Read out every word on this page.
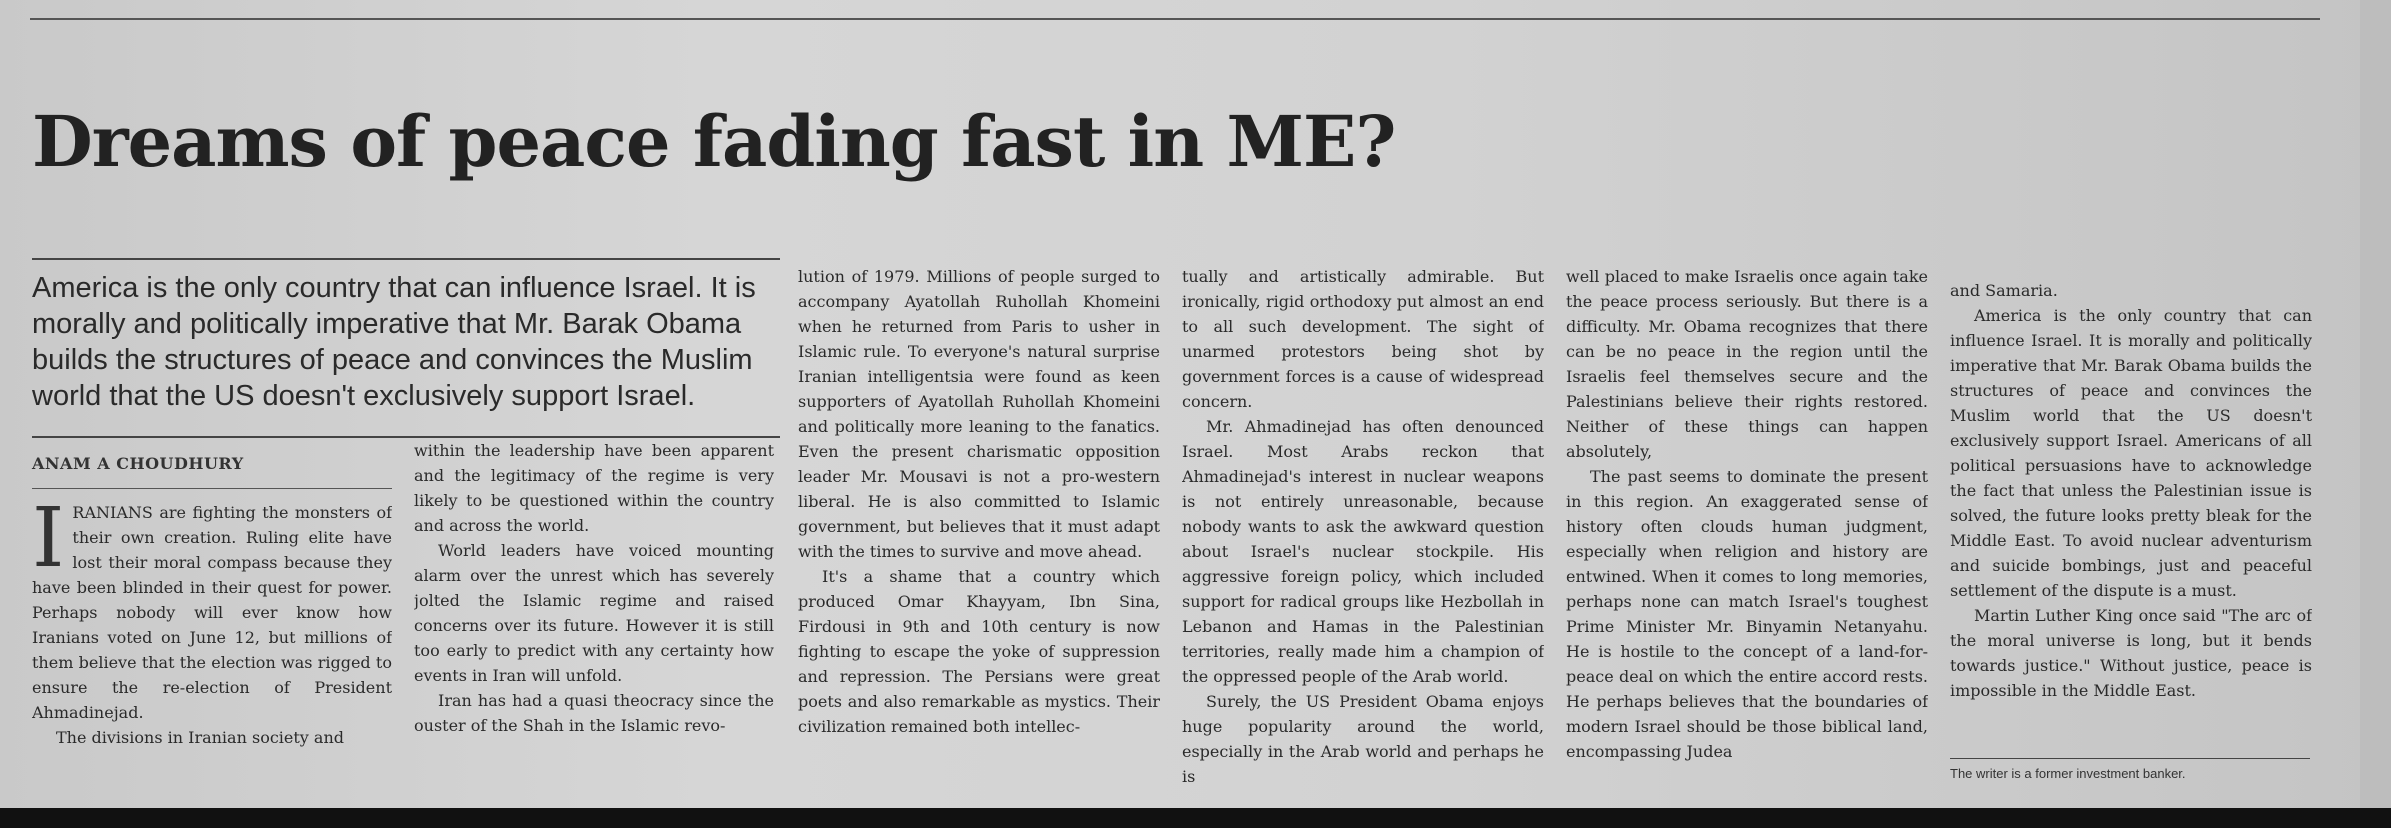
Dreams of peace fading fast in ME?

America is the only country that can influence Israel. It is morally and politically imperative that Mr. Barak Obama builds the structures of peace and convinces the Muslim world that the US doesn't exclusively support Israel.

ANAM A CHOUDHURY

I RANIANS are fighting the monsters of their own creation. Ruling elite have lost their moral compass because they have been blinded in their quest for power. Perhaps nobody will ever know how Iranians voted on June 12, but millions of them believe that the election was rigged to ensure the re-election of President Ahmadinejad.

The divisions in Iranian society and

within the leadership have been apparent and the legitimacy of the regime is very likely to be questioned within the country and across the world.

World leaders have voiced mounting alarm over the unrest which has severely jolted the Islamic regime and raised concerns over its future. However it is still too early to predict with any certainty how events in Iran will unfold.

Iran has had a quasi theocracy since the ouster of the Shah in the Islamic revo-

lution of 1979. Millions of people surged to accompany Ayatollah Ruhollah Khomeini when he returned from Paris to usher in Islamic rule. To everyone's natural surprise Iranian intelligentsia were found as keen supporters of Ayatollah Ruhollah Khomeini and politically more leaning to the fanatics. Even the present charismatic opposition leader Mr. Mousavi is not a pro-western liberal. He is also committed to Islamic government, but believes that it must adapt with the times to survive and move ahead.

It's a shame that a country which produced Omar Khayyam, Ibn Sina, Firdousi in 9th and 10th century is now fighting to escape the yoke of suppression and repression. The Persians were great poets and also remarkable as mystics. Their civilization remained both intellec-

tually and artistically admirable. But ironically, rigid orthodoxy put almost an end to all such development. The sight of unarmed protestors being shot by government forces is a cause of widespread concern.

Mr. Ahmadinejad has often denounced Israel. Most Arabs reckon that Ahmadinejad's interest in nuclear weapons is not entirely unreasonable, because nobody wants to ask the awkward question about Israel's nuclear stockpile. His aggressive foreign policy, which included support for radical groups like Hezbollah in Lebanon and Hamas in the Palestinian territories, really made him a champion of the oppressed people of the Arab world.

Surely, the US President Obama enjoys huge popularity around the world, especially in the Arab world and perhaps he is

well placed to make Israelis once again take the peace process seriously. But there is a difficulty. Mr. Obama recognizes that there can be no peace in the region until the Israelis feel themselves secure and the Palestinians believe their rights restored. Neither of these things can happen absolutely,

The past seems to dominate the present in this region. An exaggerated sense of history often clouds human judgment, especially when religion and history are entwined. When it comes to long memories, perhaps none can match Israel's toughest Prime Minister Mr. Binyamin Netanyahu. He is hostile to the concept of a land-for-peace deal on which the entire accord rests. He perhaps believes that the boundaries of modern Israel should be those biblical land, encompassing Judea

and Samaria.

America is the only country that can influence Israel. It is morally and politically imperative that Mr. Barak Obama builds the structures of peace and convinces the Muslim world that the US doesn't exclusively support Israel. Americans of all political persuasions have to acknowledge the fact that unless the Palestinian issue is solved, the future looks pretty bleak for the Middle East. To avoid nuclear adventurism and suicide bombings, just and peaceful settlement of the dispute is a must.

Martin Luther King once said "The arc of the moral universe is long, but it bends towards justice." Without justice, peace is impossible in the Middle East.

The writer is a former investment banker.
